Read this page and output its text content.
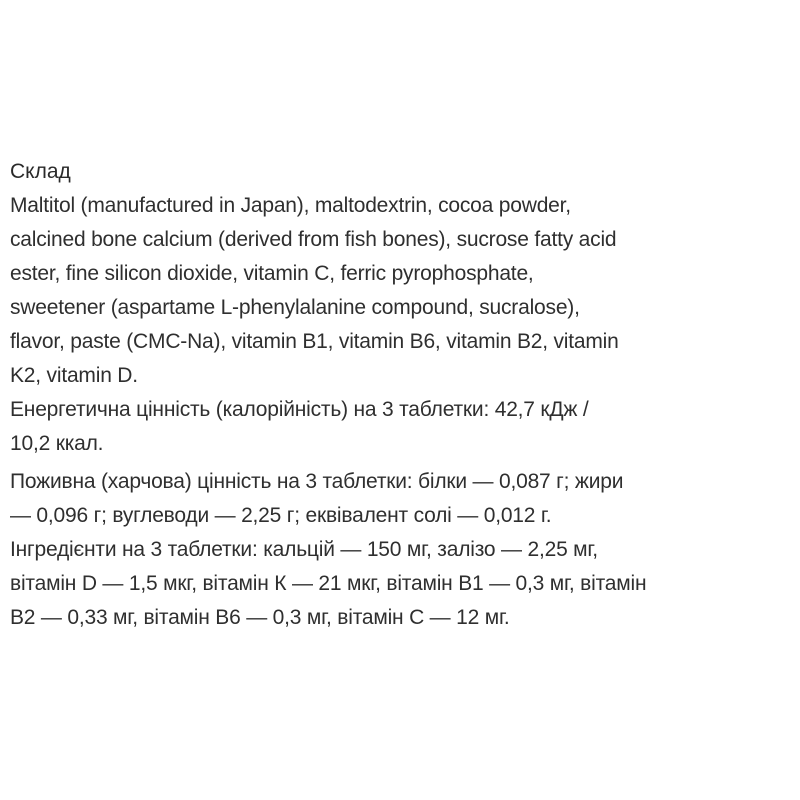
Склад

Maltitol (manufactured in Japan), maltodextrin, cocoa powder,
calcined bone calcium (derived from fish bones), sucrose fatty acid
ester, fine silicon dioxide, vitamin C, ferric pyrophosphate,
sweetener (aspartame L-phenylalanine compound, sucralose),
flavor, paste (CMC-Na), vitamin B1, vitamin B6, vitamin B2, vitamin
K2, vitamin D.

Енергетична цінність (калорійність) на 3 таблетки: 42,7 кДж /
10,2 ккал.

Поживна (харчова) цінність на 3 таблетки: білки — 0,087 г; жири
— 0,096 г; вуглеводи — 2,25 г; еквівалент солі — 0,012 г.

Інгредієнти на 3 таблетки: кальцій — 150 мг, залізо — 2,25 мг,
вітамін D — 1,5 мкг, вітамін К — 21 мкг, вітамін B1 — 0,3 мг, вітамін
B2 — 0,33 мг, вітамін B6 — 0,3 мг, вітамін С — 12 мг.
